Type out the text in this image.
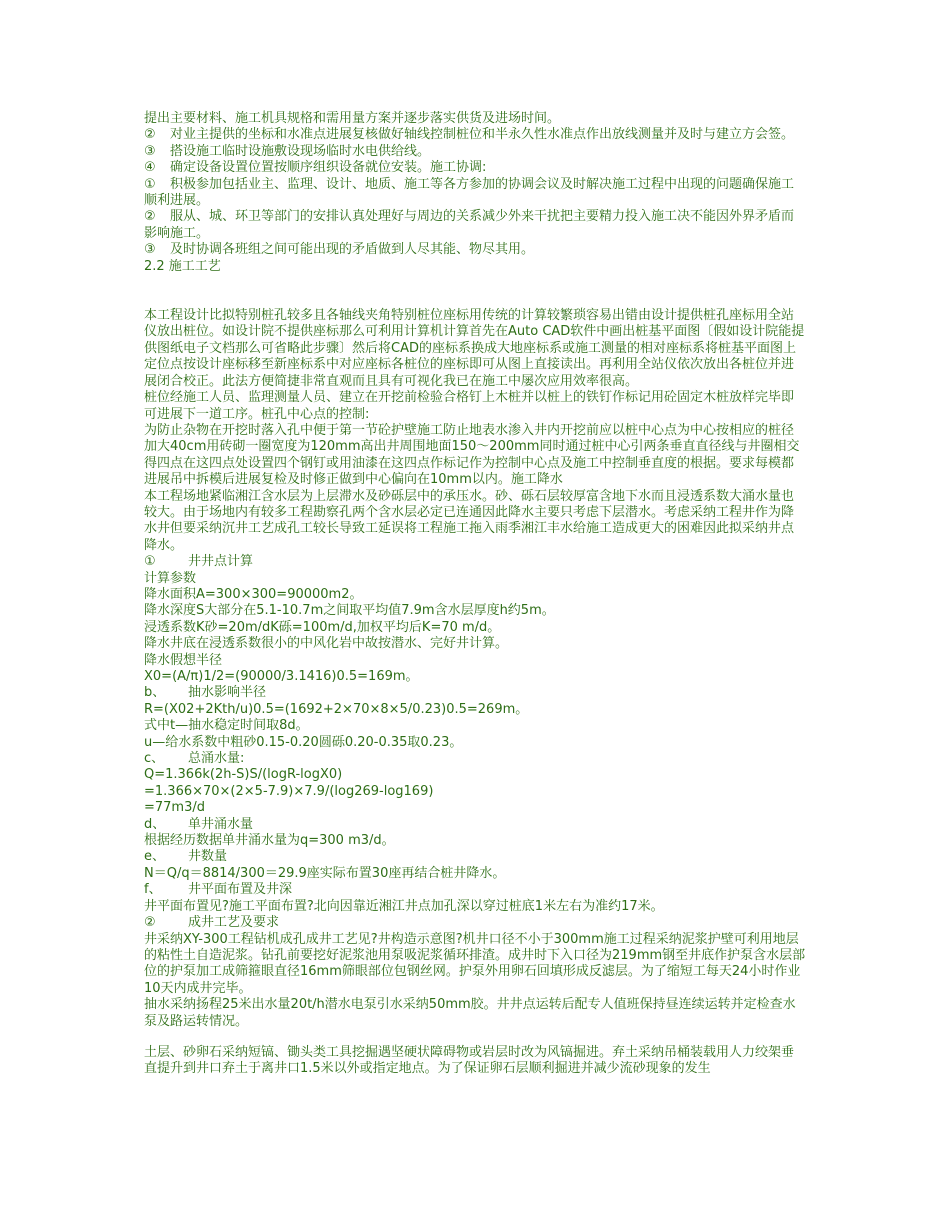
提出主要材料、施工机具规格和需用量方案并逐步落实供货及进场时间。

② 对业主提供的坐标和水准点进展复核做好轴线控制桩位和半永久性水准点作出放线测量并及时与建立方会签。

③ 搭设施工临时设施敷设现场临时水电供给线。

④ 确定设备设置位置按顺序组织设备就位安装。施工协调:

① 积极参加包括业主、监理、设计、地质、施工等各方参加的协调会议及时解决施工过程中出现的问题确保施工顺利进展。

② 服从、城、环卫等部门的安排认真处理好与周边的关系减少外来干扰把主要精力投入施工决不能因外界矛盾而影响施工。

③ 及时协调各班组之间可能出现的矛盾做到人尽其能、物尽其用。

2.2 施工工艺

本工程设计比拟特别桩孔较多且各轴线夹角特别桩位座标用传统的计算较繁琐容易出错由设计提供桩孔座标用全站仪放出桩位。如设计院不提供座标那么可利用计算机计算首先在Auto CAD软件中画出桩基平面图〔假如设计院能提供图纸电子文档那么可省略此步骤〕然后将CAD的座标系换成大地座标系或施工测量的相对座标系将桩基平面图上定位点按设计座标移至新座标系中对应座标各桩位的座标即可从图上直接读出。再利用全站仪依次放出各桩位并进展闭合校正。此法方便简捷非常直观而且具有可视化我已在施工中屡次应用效率很高。

桩位经施工人员、监理测量人员、建立在开挖前检验合格钉上木桩并以桩上的铁钉作标记用砼固定木桩放样完毕即可进展下一道工序。桩孔中心点的控制:

为防止杂物在开挖时落入孔中便于第一节砼护壁施工防止地表水渗入井内开挖前应以桩中心点为中心按相应的桩径加大40cm用砖砌一圈宽度为120mm高出井周围地面150～200mm同时通过桩中心引两条垂直直径线与井圈相交得四点在这四点处设置四个钢钉或用油漆在这四点作标记作为控制中心点及施工中控制垂直度的根据。要求每模都进展吊中拆模后进展复检及时修正做到中心偏向在10mm以内。施工降水

本工程场地紧临湘江含水层为上层滞水及砂砾层中的承压水。砂、砾石层较厚富含地下水而且浸透系数大涌水量也较大。由于场地内有较多工程勘察孔两个含水层必定已连通因此降水主要只考虑下层潜水。考虑采纳工程井作为降水井但要采纳沉井工艺成孔工较长导致工延误将工程施工拖入雨季湘江丰水给施工造成更大的困难因此拟采纳井点降水。

① 井井点计算

计算参数

降水面积A=300×300=90000m2。

降水深度S大部分在5.1-10.7m之间取平均值7.9m含水层厚度h约5m。

浸透系数K砂=20m/dK砾=100m/d,加权平均后K=70 m/d。

降水井底在浸透系数很小的中风化岩中故按潜水、完好井计算。

降水假想半径

X0=(A/π)1/2=(90000/3.1416)0.5=169m。

b、 抽水影响半径

R=(X02+2Kth/u)0.5=(1692+2×70×8×5/0.23)0.5=269m。

式中t—抽水稳定时间取8d。

u—给水系数中粗砂0.15-0.20圆砾0.20-0.35取0.23。

c、 总涌水量:

Q=1.366k(2h-S)S/(logR-logX0)

=1.366×70×(2×5-7.9)×7.9/(log269-log169)

=77m3/d

d、 单井涌水量

根据经历数据单井涌水量为q=300 m3/d。

e、 井数量

N＝Q/q＝8814/300＝29.9座实际布置30座再结合桩井降水。

f、 井平面布置及井深

井平面布置见?施工平面布置?北向因靠近湘江井点加孔深以穿过桩底1米左右为准约17米。

② 成井工艺及要求

井采纳XY-300工程钻机成孔成井工艺见?井构造示意图?机井口径不小于300mm施工过程采纳泥浆护壁可利用地层的粘性土自造泥浆。钻孔前要挖好泥浆池用泵吸泥浆循环排渣。成井时下入口径为219mm钢至井底作护泵含水层部位的护泵加工成筛箍眼直径16mm筛眼部位包钢丝网。护泵外用卵石回填形成反滤层。为了缩短工每天24小时作业10天内成井完毕。

抽水采纳扬程25米出水量20t/h潜水电泵引水采纳50mm胶。井井点运转后配专人值班保持昼连续运转并定检查水泵及路运转情况。

土层、砂卵石采纳短镐、锄头类工具挖掘遇坚硬状障碍物或岩层时改为风镐掘进。弃土采纳吊桶装载用人力绞架垂直提升到井口弃土于离井口1.5米以外或指定地点。为了保证卵石层顺利掘进并减少流砂现象的发生
